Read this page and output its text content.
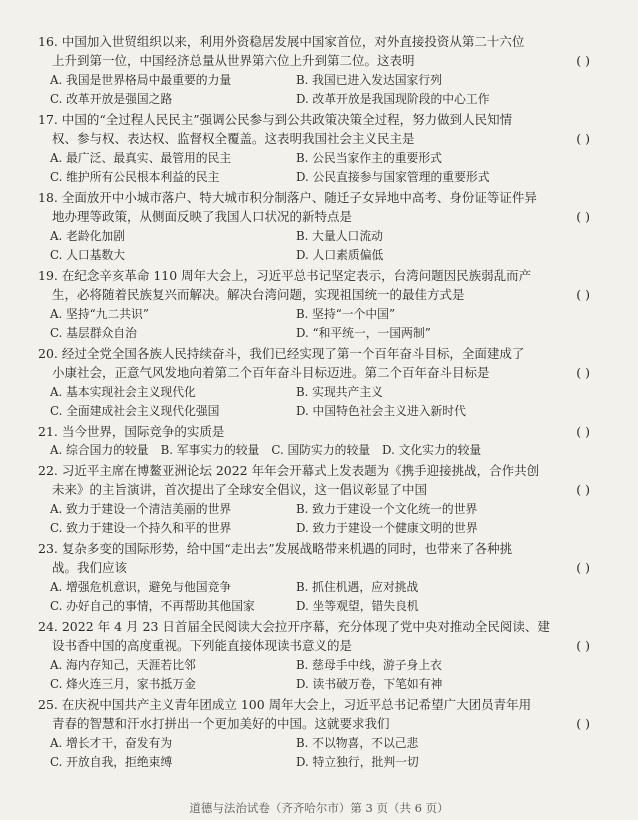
16. 中国加入世贸组织以来，利用外资稳居发展中国家首位，对外直接投资从第二十六位
上升到第一位，中国经济总量从世界第六位上升到第二位。这表明	( )
A. 我国是世界格局中最重要的力量	B. 我国已进入发达国家行列
C. 改革开放是强国之路	D. 改革开放是我国现阶段的中心工作
17. 中国的“全过程人民民主”强调公民参与到公共政策决策全过程，努力做到人民知情
权、参与权、表达权、监督权全覆盖。这表明我国社会主义民主是	( )
A. 最广泛、最真实、最管用的民主	B. 公民当家作主的重要形式
C. 维护所有公民根本利益的民主	D. 公民直接参与国家管理的重要形式
18. 全面放开中小城市落户、特大城市积分制落户、随迁子女异地中高考、身份证等证件异
地办理等政策，从侧面反映了我国人口状况的新特点是	( )
A. 老龄化加剧	B. 大量人口流动
C. 人口基数大	D. 人口素质偏低
19. 在纪念辛亥革命 110 周年大会上，习近平总书记坚定表示，台湾问题因民族弱乱而产
生，必将随着民族复兴而解决。解决台湾问题，实现祖国统一的最佳方式是	( )
A. 坚持“九二共识”	B. 坚持“一个中国”
C. 基层群众自治	D. “和平统一，一国两制”
20. 经过全党全国各族人民持续奋斗，我们已经实现了第一个百年奋斗目标，全面建成了
小康社会，正意气风发地向着第二个百年奋斗目标迈进。第二个百年奋斗目标是	( )
A. 基本实现社会主义现代化	B. 实现共产主义
C. 全面建成社会主义现代化强国	D. 中国特色社会主义进入新时代
21. 当今世界，国际竞争的实质是	( )
A. 综合国力的较量 B. 军事实力的较量 C. 国防实力的较量 D. 文化实力的较量
22. 习近平主席在博鳌亚洲论坛 2022 年年会开幕式上发表题为《携手迎接挑战，合作共创
未来》的主旨演讲，首次提出了全球安全倡议，这一倡议彰显了中国	( )
A. 致力于建设一个清洁美丽的世界	B. 致力于建设一个文化统一的世界
C. 致力于建设一个持久和平的世界	D. 致力于建设一个健康文明的世界
23. 复杂多变的国际形势，给中国“走出去”发展战略带来机遇的同时，也带来了各种挑
战。我们应该	( )
A. 增强危机意识，避免与他国竞争	B. 抓住机遇，应对挑战
C. 办好自己的事情，不再帮助其他国家	D. 坐等观望，错失良机
24. 2022 年 4 月 23 日首届全民阅读大会拉开序幕，充分体现了党中央对推动全民阅读、建
设书香中国的高度重视。下列能直接体现读书意义的是	( )
A. 海内存知己，天涯若比邻	B. 慈母手中线，游子身上衣
C. 烽火连三月，家书抵万金	D. 读书破万卷，下笔如有神
25. 在庆祝中国共产主义青年团成立 100 周年大会上，习近平总书记希望广大团员青年用
青春的智慧和汗水打拼出一个更加美好的中国。这就要求我们	( )
A. 增长才干，奋发有为	B. 不以物喜，不以己悲
C. 开放自我，拒绝束缚	D. 特立独行，批判一切
道德与法治试卷（齐齐哈尔市）第 3 页（共 6 页）
